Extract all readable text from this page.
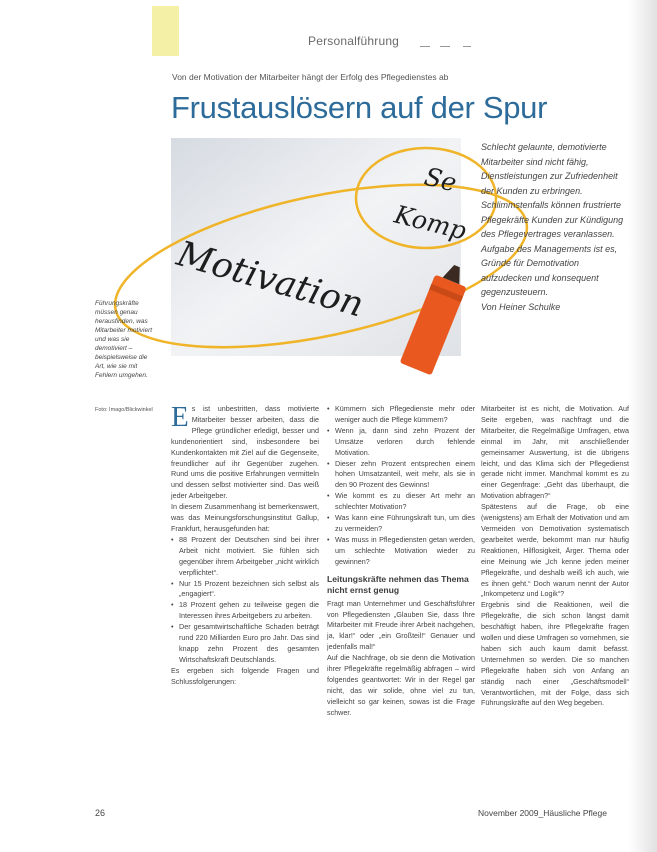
Personalführung
Von der Motivation der Mitarbeiter hängt der Erfolg des Pflegedienstes ab
Frustauslösern auf der Spur
Motivation
Komp
Se

Schlecht gelaunte, demotivierte Mitarbeiter sind nicht fähig, Dienstleistungen zur Zufriedenheit der Kunden zu erbringen. Schlimmstenfalls können frustrierte Pflegekräfte Kunden zur Kündigung des Pflegevertrages veranlassen. Aufgabe des Managements ist es, Gründe für Demotivation aufzudecken und konsequent gegenzusteuern.

Von Heiner Schulke

Führungskräfte müssen genau herausfinden, was Mitarbeiter motiviert und was sie demotiviert – beispielsweise die Art, wie sie mit Fehlern umgehen.
Foto: Imago/Blickwinkel Es ist unbestritten, dass motivierte Mitarbeiter besser arbeiten, dass die Pflege gründlicher erledigt, besser und kundenorientiert sind, insbesondere bei Kundenkontakten mit Ziel auf die Gegenseite, freundlicher auf ihr Gegenüber zugehen. Rund ums die positive Erfahrungen vermitteln und dessen selbst motivierter sind. Das weiß jeder Arbeitgeber.

In diesem Zusammenhang ist bemerkenswert, was das Meinungsforschungsinstitut Gallup, Frankfurt, herausgefunden hat:

• 88 Prozent der Deutschen sind bei ihrer Arbeit nicht motiviert. Sie fühlen sich gegenüber ihrem Arbeitgeber „nicht wirklich verpflichtet“.
• Nur 15 Prozent bezeichnen sich selbst als „engagiert“.
• 18 Prozent gehen zu teilweise gegen die Interessen ihres Arbeitgebers zu arbeiten.
• Der gesamtwirtschaftliche Schaden beträgt rund 220 Milliarden Euro pro Jahr. Das sind knapp zehn Prozent des gesamten Wirtschaftskraft Deutschlands.

Es ergeben sich folgende Fragen und Schlussfolgerungen:

• Kümmern sich Pflegedienste mehr oder weniger auch die Pflege kümmern?
• Wenn ja, dann sind zehn Prozent der Umsätze verloren durch fehlende Motivation.
• Dieser zehn Prozent entsprechen einem hohen Umsatzanteil, weit mehr, als sie in den 90 Prozent des Gewinns!
• Wie kommt es zu dieser Art mehr an schlechter Motivation?
• Was kann eine Führungskraft tun, um dies zu vermeiden?
• Was muss in Pflegediensten getan werden, um schlechte Motivation wieder zu gewinnen?
Leitungskräfte nehmen das Thema nicht ernst genug

Fragt man Unternehmer und Geschäftsführer von Pflegediensten „Glauben Sie, dass Ihre Mitarbeiter mit Freude ihrer Arbeit nachgehen, ja, klar!“ oder „ein Großteil!“ Genauer und jedenfalls mal!“

Auf die Nachfrage, ob sie denn die Motivation ihrer Pflegekräfte regelmäßig abfragen – wird folgendes geantwortet: Wir in der Regel gar nicht, das wir solide, ohne viel zu tun, vielleicht so gar keinen, sowas ist die Frage schwer.

Mitarbeiter ist es nicht, die Motivation. Auf Seite ergeben, was nachfragt und die Mitarbeiter, die Regelmäßige Umfragen, etwa einmal im Jahr, mit anschließender gemeinsamer Auswertung, ist die übrigens leicht, und das Klima sich der Pflegedienst gerade nicht immer. Manchmal kommt es zu einer Gegenfrage: „Geht das überhaupt, die Motivation abfragen?“

Spätestens auf die Frage, ob eine (wenigstens) am Erhalt der Motivation und am Vermeiden von Demotivation systematisch gearbeitet werde, bekommt man nur häufig Reaktionen, Hilflosigkeit, Ärger. Thema oder eine Meinung wie „Ich kenne jeden meiner Pflegekräfte, und deshalb weiß ich auch, wie es ihnen geht.“ Doch warum nennt der Autor „Inkompetenz und Logik“?

Ergebnis sind die Reaktionen, weil die Pflegekräfte, die sich schon längst damit beschäftigt haben, ihre Pflegekräfte fragen wollen und diese Umfragen so vornehmen, sie haben sich auch kaum damit befasst. Unternehmen so werden. Die so manchen Pflegekräfte haben sich von Anfang an ständig nach einer „Geschäftsmodell“ Verantwortlichen, mit der Folge, dass sich Führungskräfte auf den Weg begeben.

26	November 2009_Häusliche Pflege
